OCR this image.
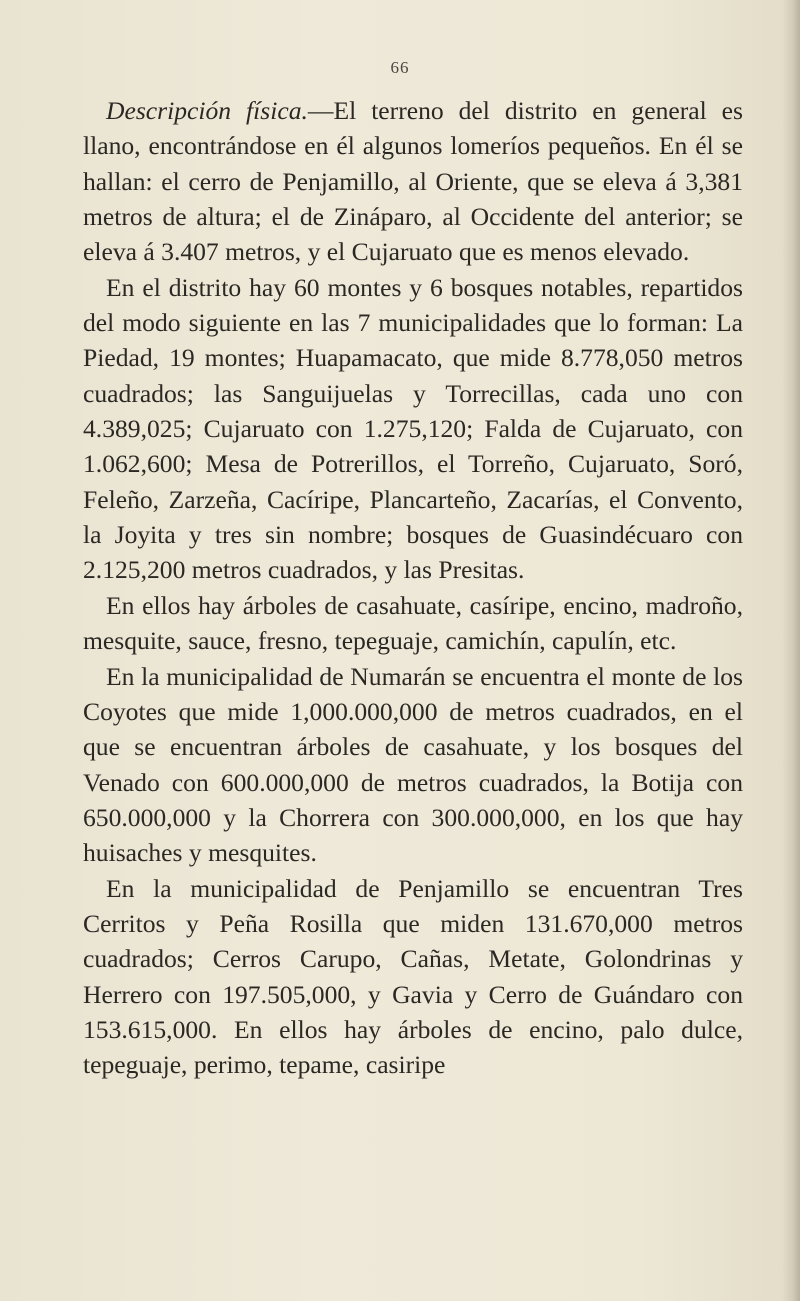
66

Descripción física.—El terreno del distrito en general es llano, encontrándose en él algunos lomeríos pequeños. En él se hallan: el cerro de Penjamillo, al Oriente, que se eleva á 3,381 metros de altura; el de Zináparo, al Occidente del anterior; se eleva á 3.407 metros, y el Cujaruato que es menos elevado.

En el distrito hay 60 montes y 6 bosques notables, repartidos del modo siguiente en las 7 municipalidades que lo forman: La Piedad, 19 montes; Huapamacato, que mide 8.778,050 metros cuadrados; las Sanguijuelas y Torrecillas, cada uno con 4.389,025; Cujaruato con 1.275,120; Falda de Cujaruato, con 1.062,600; Mesa de Potrerillos, el Torreño, Cujaruato, Soró, Feleño, Zarzeña, Cacíripe, Plancarteño, Zacarías, el Convento, la Joyita y tres sin nombre; bosques de Guasindécuaro con 2.125,200 metros cuadrados, y las Presitas.

En ellos hay árboles de casahuate, casíripe, encino, madroño, mesquite, sauce, fresno, tepeguaje, camichín, capulín, etc.

En la municipalidad de Numarán se encuentra el monte de los Coyotes que mide 1,000.000,000 de metros cuadrados, en el que se encuentran árboles de casahuate, y los bosques del Venado con 600.000,000 de metros cuadrados, la Botija con 650.000,000 y la Chorrera con 300.000,000, en los que hay huisaches y mesquites.

En la municipalidad de Penjamillo se encuentran Tres Cerritos y Peña Rosilla que miden 131.670,000 metros cuadrados; Cerros Carupo, Cañas, Metate, Golondrinas y Herrero con 197.505,000, y Gavia y Cerro de Guándaro con 153.615,000. En ellos hay árboles de encino, palo dulce, tepeguaje, perimo, tepame, casiripe
